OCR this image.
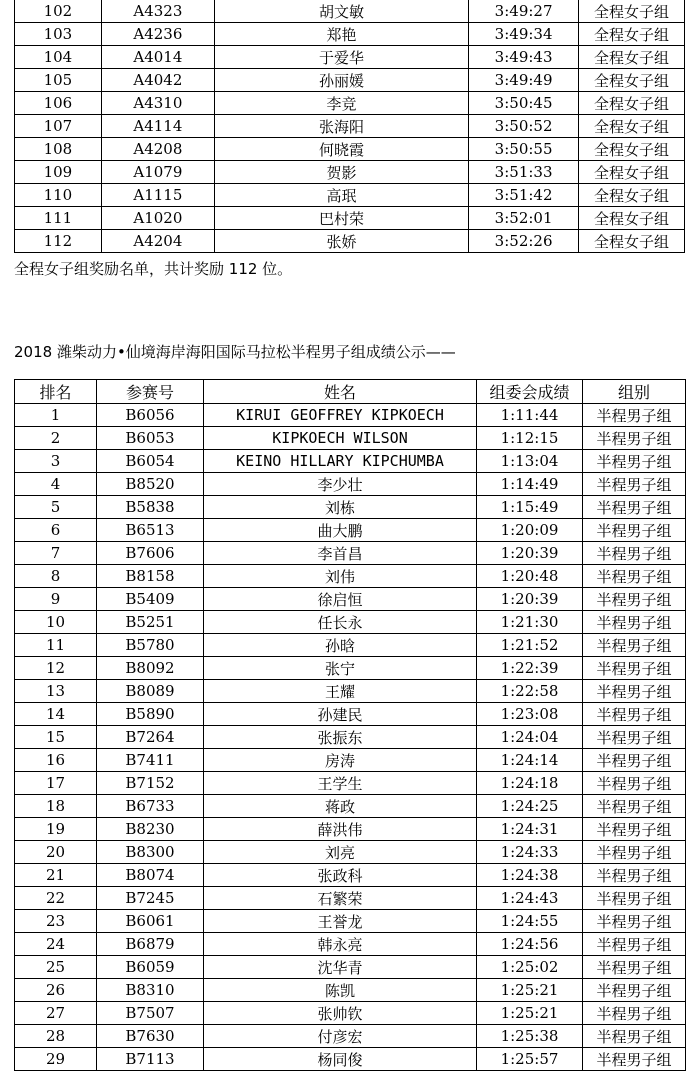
102	A4323	胡文敏	3:49:27	全程女子组
103	A4236	郑艳	3:49:34	全程女子组
104	A4014	于爱华	3:49:43	全程女子组
105	A4042	孙丽媛	3:49:49	全程女子组
106	A4310	李竞	3:50:45	全程女子组
107	A4114	张海阳	3:50:52	全程女子组
108	A4208	何晓霞	3:50:55	全程女子组
109	A1079	贺影	3:51:33	全程女子组
110	A1115	高珉	3:51:42	全程女子组
111	A1020	巴村荣	3:52:01	全程女子组
112	A4204	张娇	3:52:26	全程女子组
全程女子组奖励名单，共计奖励 112 位。
2018 潍柴动力•仙境海岸海阳国际马拉松半程男子组成绩公示——
排名	参赛号	姓名	组委会成绩	组别
1	B6056	KIRUI GEOFFREY KIPKOECH	1:11:44	半程男子组
2	B6053	KIPKOECH WILSON	1:12:15	半程男子组
3	B6054	KEINO HILLARY KIPCHUMBA	1:13:04	半程男子组
4	B8520	李少壮	1:14:49	半程男子组
5	B5838	刘栋	1:15:49	半程男子组
6	B6513	曲大鹏	1:20:09	半程男子组
7	B7606	李首昌	1:20:39	半程男子组
8	B8158	刘伟	1:20:48	半程男子组
9	B5409	徐启恒	1:20:39	半程男子组
10	B5251	任长永	1:21:30	半程男子组
11	B5780	孙晗	1:21:52	半程男子组
12	B8092	张宁	1:22:39	半程男子组
13	B8089	王耀	1:22:58	半程男子组
14	B5890	孙建民	1:23:08	半程男子组
15	B7264	张振东	1:24:04	半程男子组
16	B7411	房涛	1:24:14	半程男子组
17	B7152	王学生	1:24:18	半程男子组
18	B6733	蒋政	1:24:25	半程男子组
19	B8230	薛洪伟	1:24:31	半程男子组
20	B8300	刘亮	1:24:33	半程男子组
21	B8074	张政科	1:24:38	半程男子组
22	B7245	石繁荣	1:24:43	半程男子组
23	B6061	王誉龙	1:24:55	半程男子组
24	B6879	韩永亮	1:24:56	半程男子组
25	B6059	沈华青	1:25:02	半程男子组
26	B8310	陈凯	1:25:21	半程男子组
27	B7507	张帅钦	1:25:21	半程男子组
28	B7630	付彦宏	1:25:38	半程男子组
29	B7113	杨同俊	1:25:57	半程男子组
